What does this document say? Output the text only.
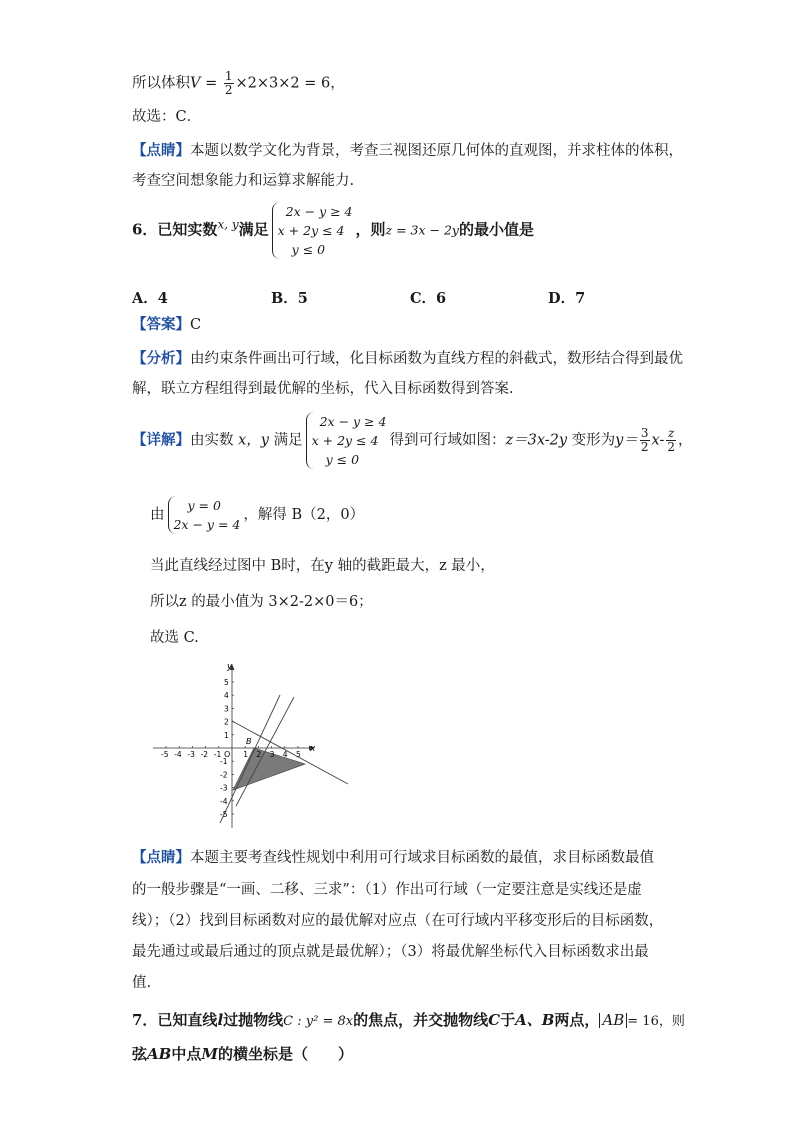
所以体积$V = \frac{1}{2} \times 2\times 3\times 2 = 6$，
故选：C．
【点睛】本题以数学文化为背景，考查三视图还原几何体的直观图，并求柱体的体积，
考查空间想象能力和运算求解能力.
6．已知实数$^{x, y}$满足
2x − y ≥ 4
x + 2y ≤ 4
y ≤ 0
，则z = 3x − 2y的最小值是
A．4	B．5	C．6	D．7
【答案】C
【分析】由约束条件画出可行域，化目标函数为直线方程的斜截式，数形结合得到最优
解，联立方程组得到最优解的坐标，代入目标函数得到答案.
【详解】由实数 x，y 满足
2x − y ≥ 4
x + 2y ≤ 4
y ≤ 0
得到可行域如图：z＝3x-2y 变形为$y= \frac{3}{2} x- \frac{z}{2}$ ，
由
y = 0
2x − y = 4
，解得 B（2，0）
当此直线经过图中 B时，在y 轴的截距最大，z 最小，
所以z 的最小值为 3×2-2×0＝6；
故选 C.
-5 -4 -3 -2 -1	1 2 3 4 5
5
4
3
2
1
-1
-2
-3
-4
-5
x
y
O
B
【点睛】本题主要考查线性规划中利用可行域求目标函数的最值，求目标函数最值
的一般步骤是“一画、二移、三求”：（1）作出可行域（一定要注意是实线还是虚
线）；（2）找到目标函数对应的最优解对应点（在可行域内平移变形后的目标函数，
最先通过或最后通过的顶点就是最优解）；（3）将最优解坐标代入目标函数求出最
值.
7．已知直线l过抛物线C : y² = 8x的焦点，并交抛物线C于A、B两点， AB = 16，则
弦AB中点M的横坐标是（　　）
